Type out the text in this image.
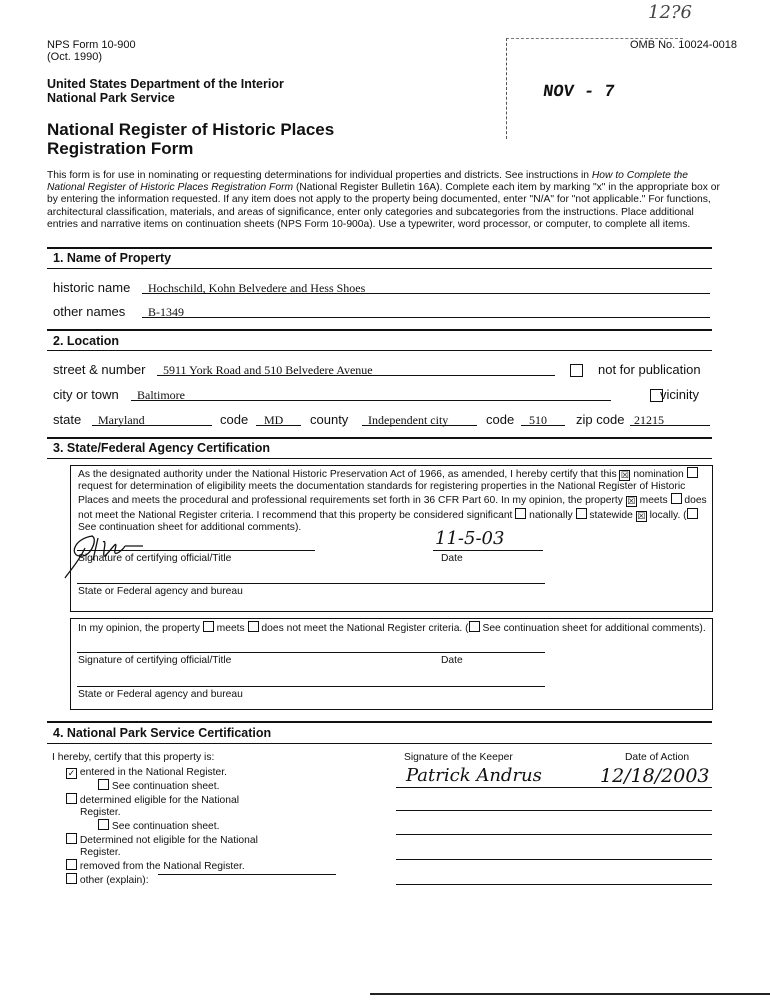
NPS Form 10-900
(Oct. 1990)
OMB No. 10024-0018
12?6
NOV - 7
United States Department of the Interior
National Park Service
National Register of Historic Places
Registration Form
This form is for use in nominating or requesting determinations for individual properties and districts. See instructions in How to Complete the National Register of Historic Places Registration Form (National Register Bulletin 16A). Complete each item by marking "x" in the appropriate box or by entering the information requested. If any item does not apply to the property being documented, enter "N/A" for "not applicable." For functions, architectural classification, materials, and areas of significance, enter only categories and subcategories from the instructions. Place additional entries and narrative items on continuation sheets (NPS Form 10-900a). Use a typewriter, word processor, or computer, to complete all items.
1. Name of Property
historic name	Hochschild, Kohn Belvedere and Hess Shoes
other names	B-1349
2. Location
street & number	5911 York Road and 510 Belvedere Avenue
	not for publication
city or town	Baltimore	vicinity
state	Maryland	code	MD	county	Independent city	code	510	zip code 21215
3. State/Federal Agency Certification
As the designated authority under the National Historic Preservation Act of 1966, as amended, I hereby certify that this ☒ nomination  request for determination of eligibility meets the documentation standards for registering properties in the National Register of Historic Places and meets the procedural and professional requirements set forth in 36 CFR Part 60. In my opinion, the property ☒ meets  does not meet the National Register criteria. I recommend that this property be considered significant  nationally  statewide ☒ locally. ( See continuation sheet for additional comments).
11-5-03
Signature of certifying official/Title	Date
State or Federal agency and bureau
In my opinion, the property  meets  does not meet the National Register criteria. ( See continuation sheet for additional comments).
Signature of certifying official/Title	Date
State or Federal agency and bureau
4. National Park Service Certification
I hereby, certify that this property is:
✓ entered in the National Register.
See continuation sheet.
determined eligible for the National Register.
See continuation sheet.
Determined not eligible for the National Register.
removed from the National Register.
other (explain):
Signature of the Keeper	Date of Action
Patrick Andrus	12/18/2003
